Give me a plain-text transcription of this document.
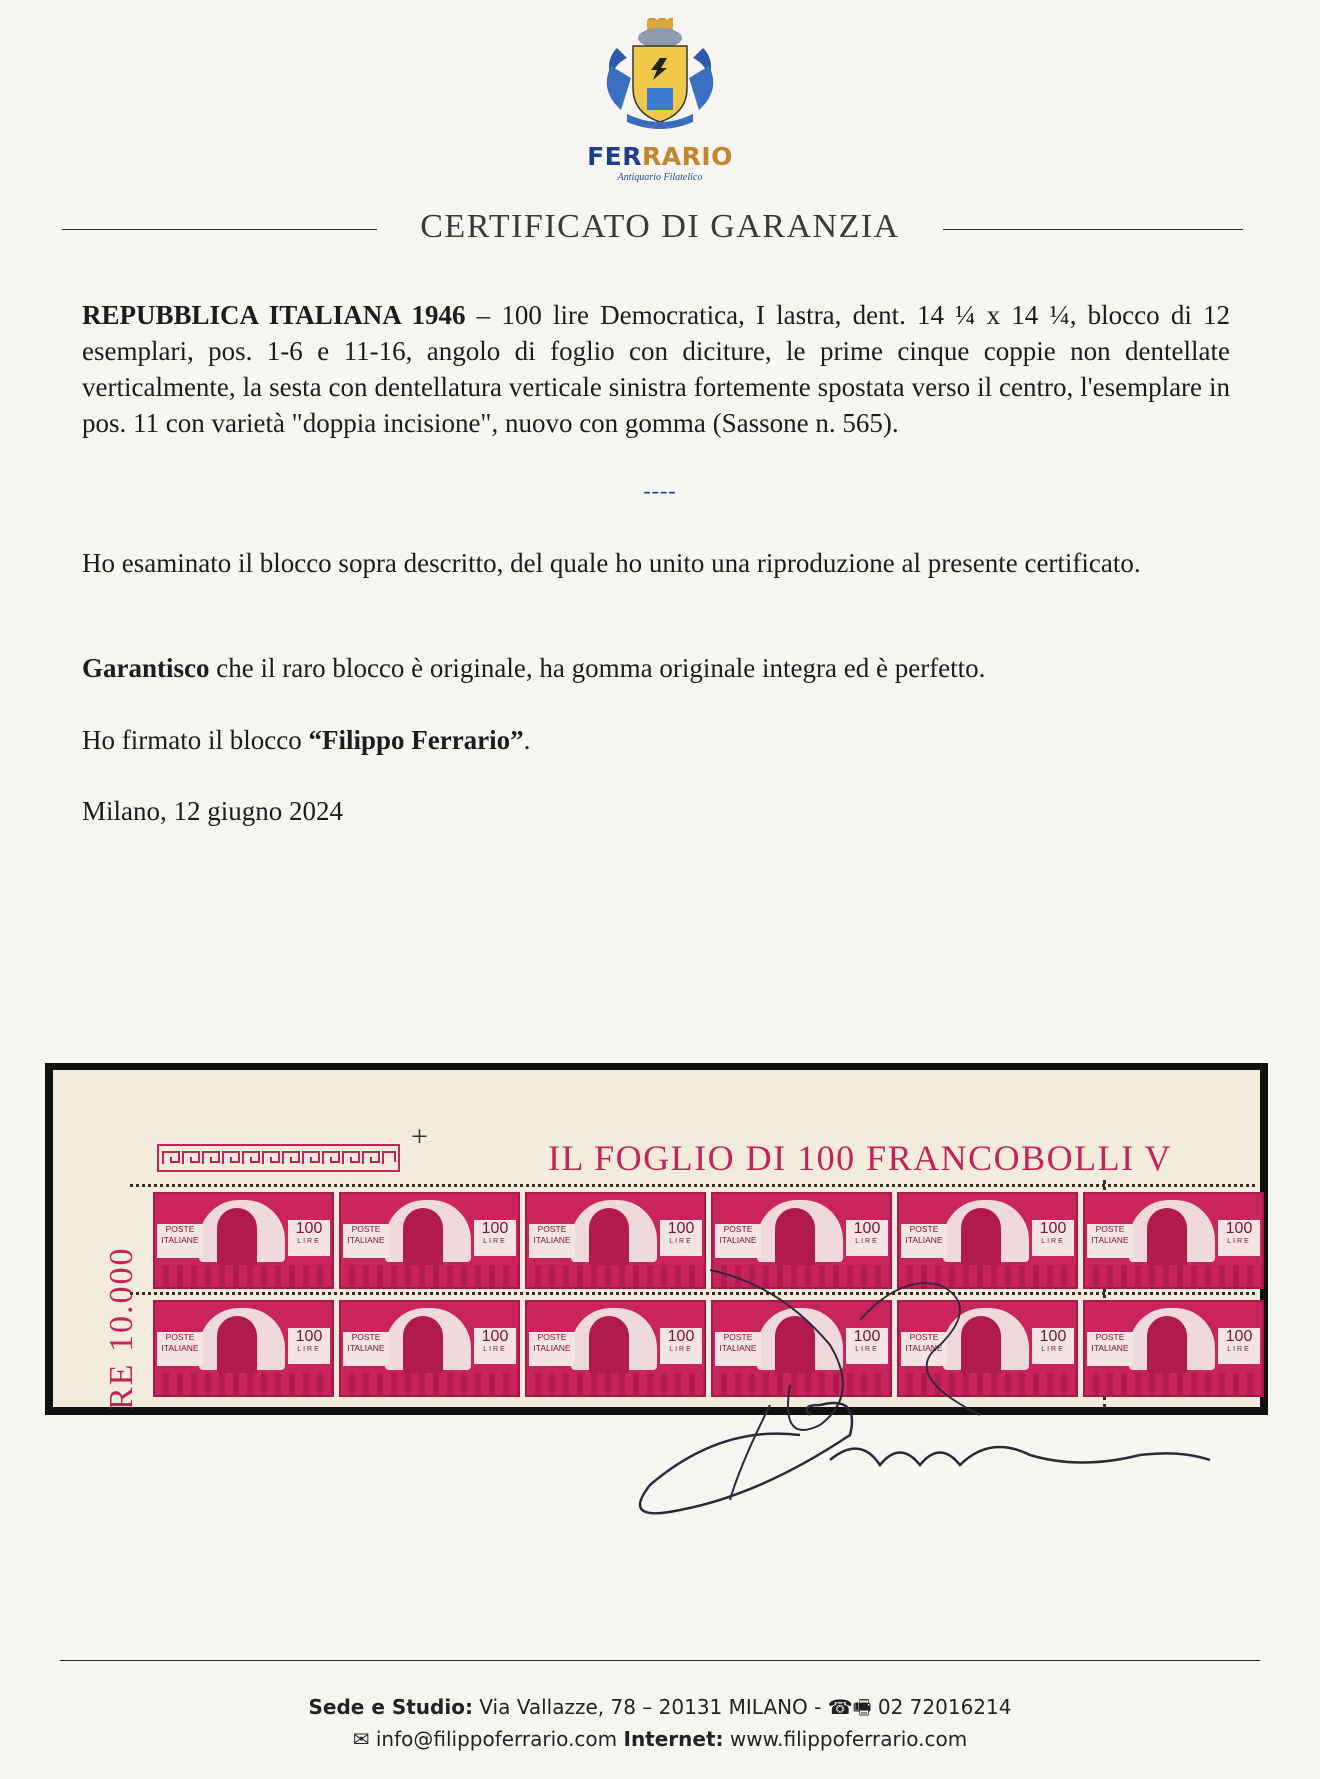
FERRARIO
Antiquario Filatelico
CERTIFICATO DI GARANZIA
REPUBBLICA ITALIANA 1946 – 100 lire Democratica, I lastra, dent. 14 ¼ x 14 ¼, blocco di 12 esemplari, pos. 1-6 e 11-16, angolo di foglio con diciture, le prime cinque coppie non dentellate verticalmente, la sesta con dentellatura verticale sinistra fortemente spostata verso il centro, l'esemplare in pos. 11 con varietà "doppia incisione", nuovo con gomma (Sassone n. 565).
----
Ho esaminato il blocco sopra descritto, del quale ho unito una riproduzione al presente certificato.
Garantisco che il raro blocco è originale, ha gomma originale integra ed è perfetto.
Ho firmato il blocco “Filippo Ferrario”.
Milano, 12 giugno 2024
+
IL FOGLIO DI 100 FRANCOBOLLI V
RE 10.000
POSTE ITALIANE
100
LIRE
POSTE ITALIANE
100
LIRE
POSTE ITALIANE
100
LIRE
POSTE ITALIANE
100
LIRE
POSTE ITALIANE
100
LIRE
POSTE ITALIANE
100
LIRE
POSTE ITALIANE
100
LIRE
POSTE ITALIANE
100
LIRE
POSTE ITALIANE
100
LIRE
POSTE ITALIANE
100
LIRE
POSTE ITALIANE
100
LIRE
POSTE ITALIANE
100
LIRE
Sede e Studio: Via Vallazze, 78 – 20131 MILANO - ☎🖷 02 72016214
✉ info@filippoferrario.com Internet: www.filippoferrario.com
